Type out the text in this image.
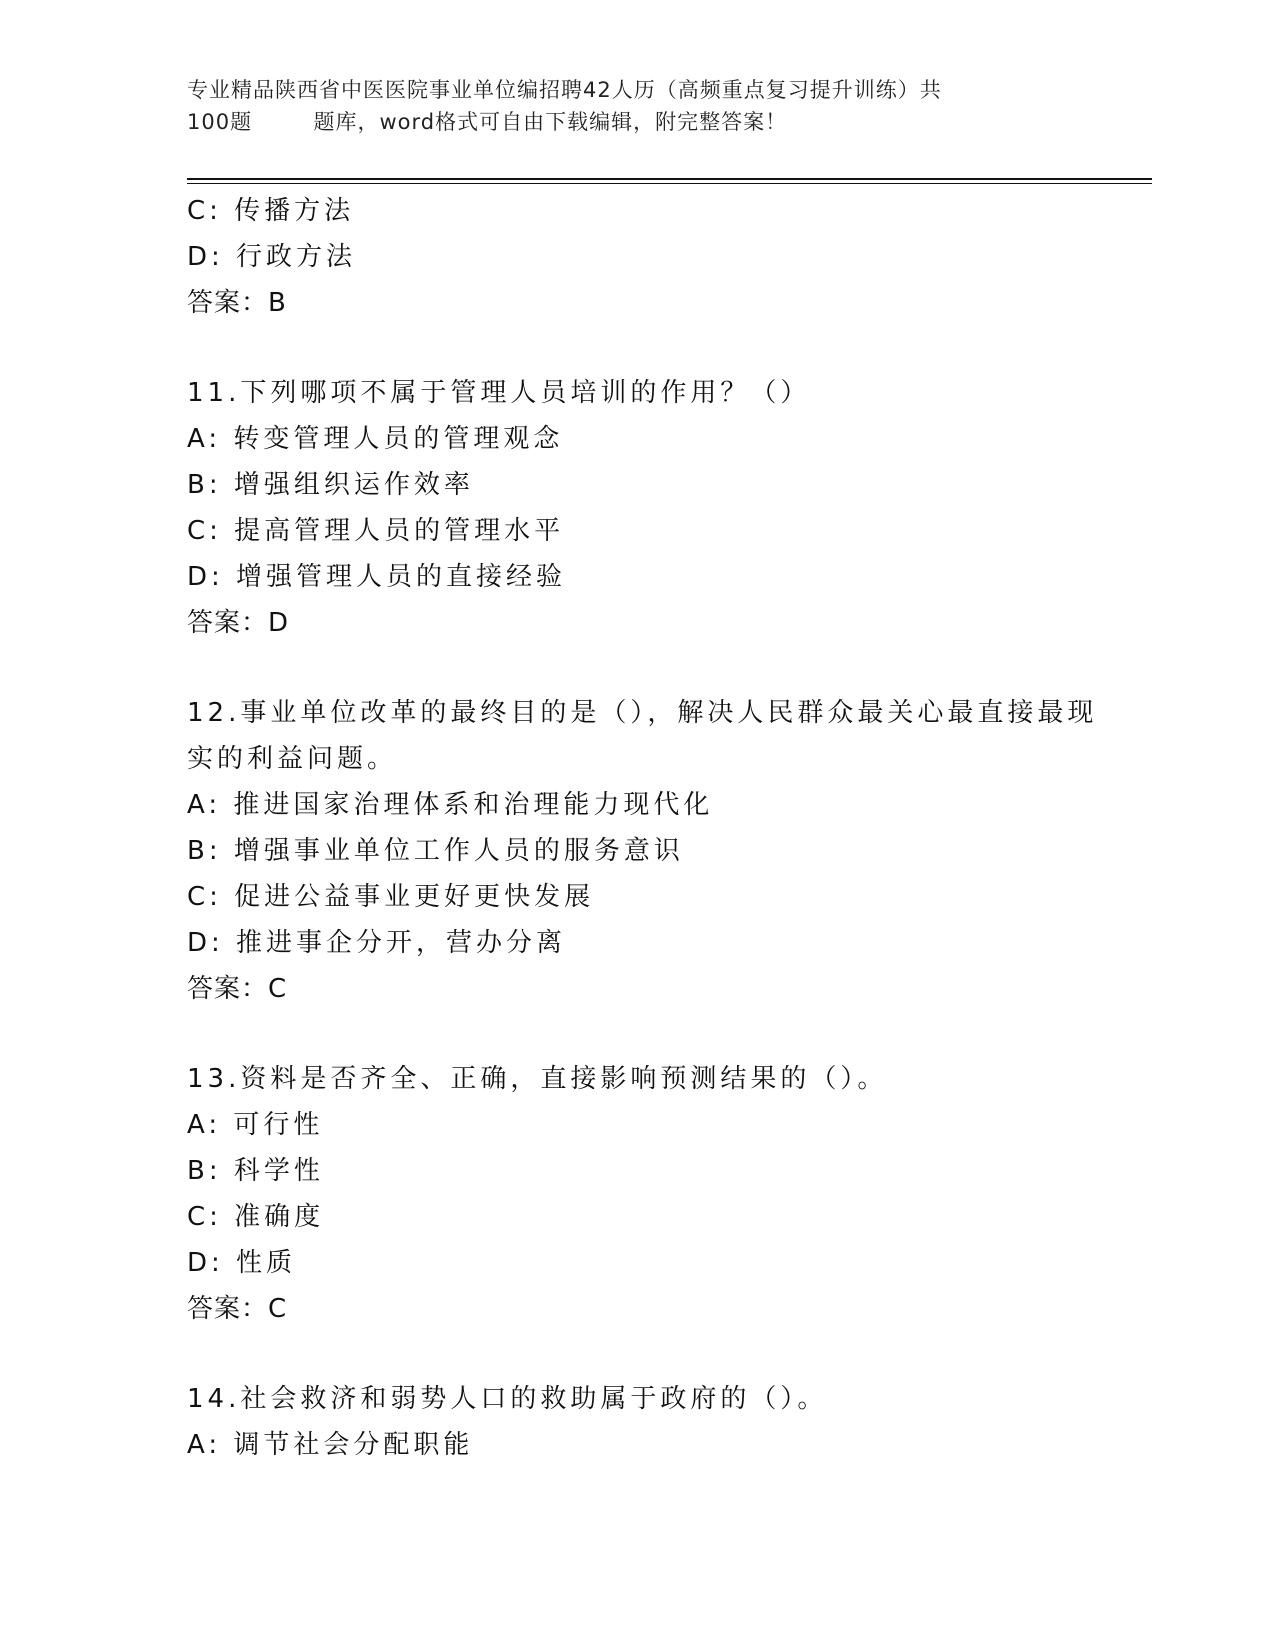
专业精品陕西省中医医院事业单位编招聘42人历（高频重点复习提升训练）共
100题        题库，word格式可自由下载编辑，附完整答案！
C: 传播方法
D: 行政方法
答案：B
11.下列哪项不属于管理人员培训的作用？（）
A: 转变管理人员的管理观念
B: 增强组织运作效率
C: 提高管理人员的管理水平
D: 增强管理人员的直接经验
答案：D
12.事业单位改革的最终目的是（），解决人民群众最关心最直接最现
实的利益问题。
A: 推进国家治理体系和治理能力现代化
B: 增强事业单位工作人员的服务意识
C: 促进公益事业更好更快发展
D: 推进事企分开，营办分离
答案：C
13.资料是否齐全、正确，直接影响预测结果的（）。
A: 可行性
B: 科学性
C: 准确度
D: 性质
答案：C
14.社会救济和弱势人口的救助属于政府的（）。
A: 调节社会分配职能
